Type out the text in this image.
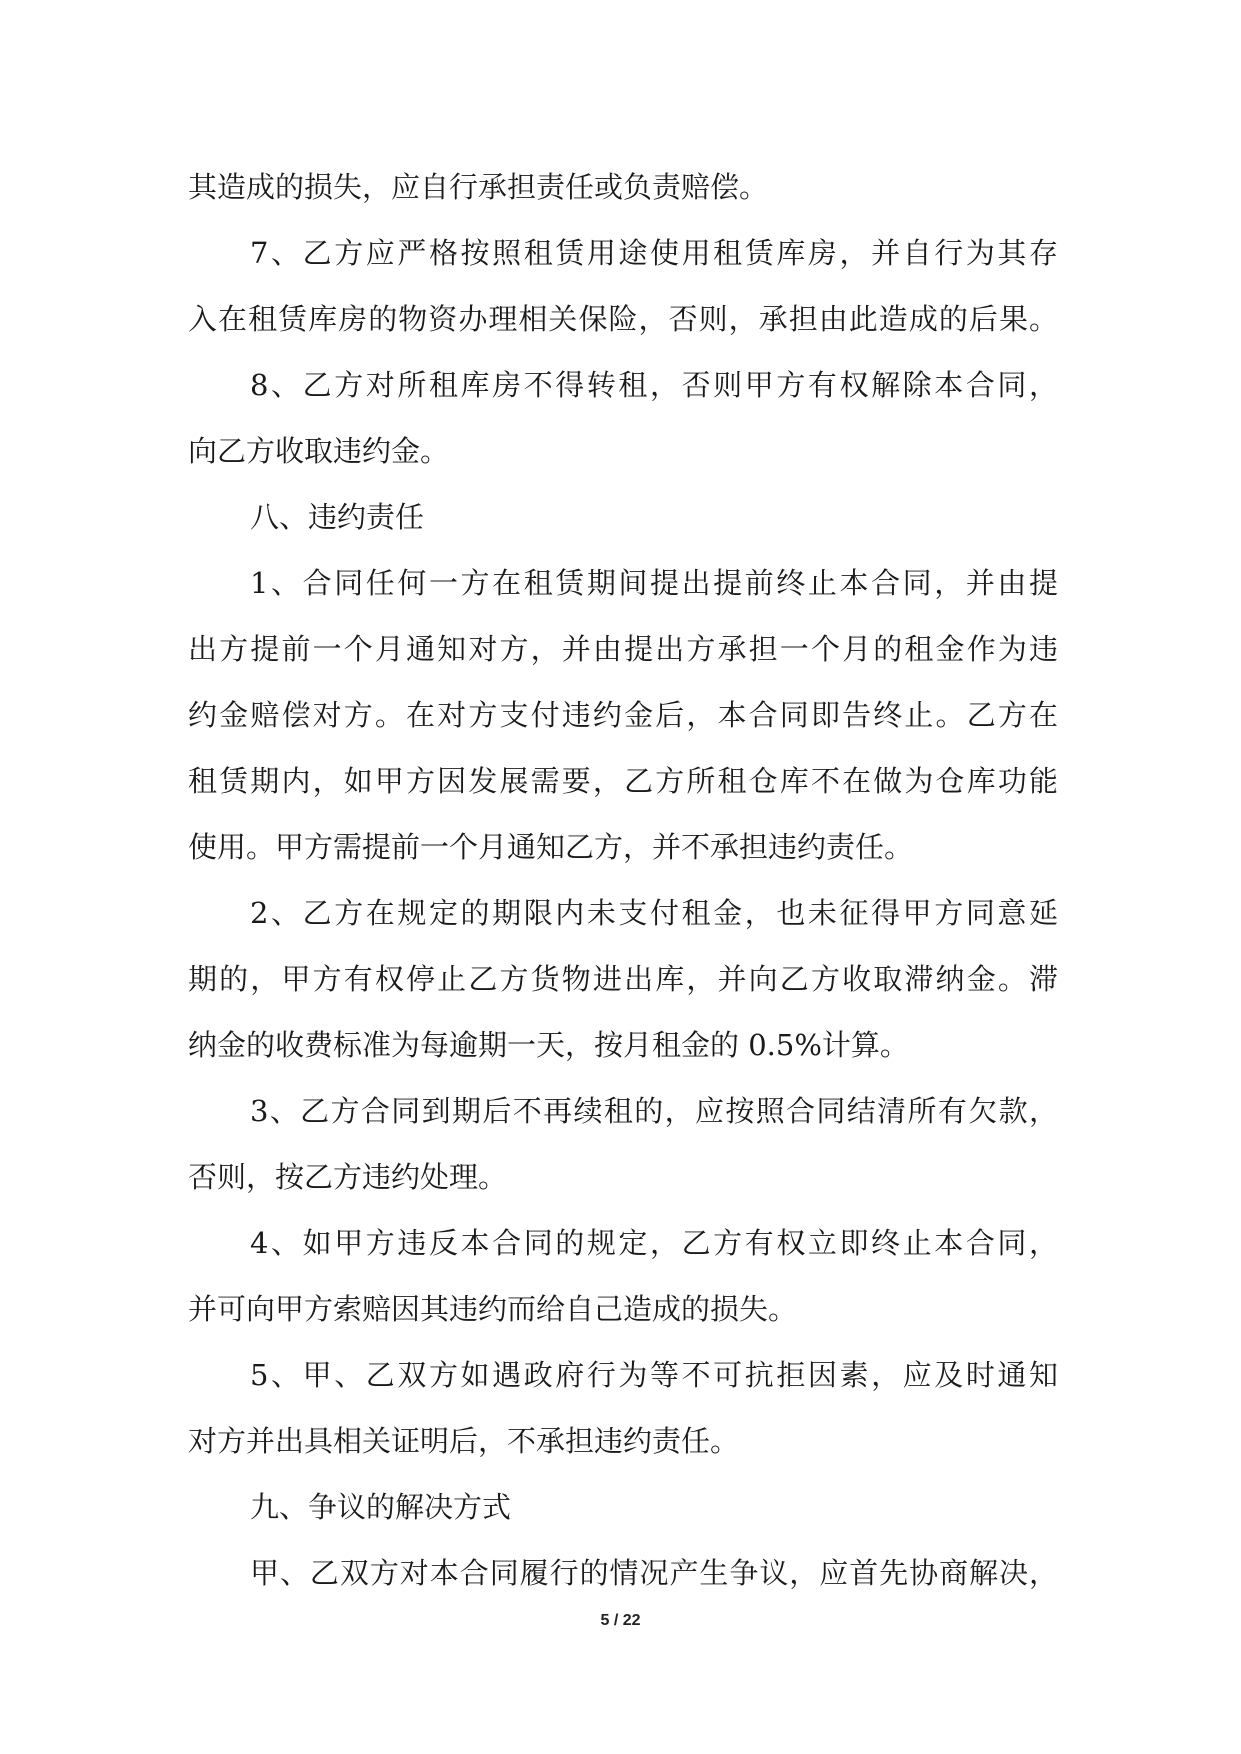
其造成的损失，应自行承担责任或负责赔偿。
7、乙方应严格按照租赁用途使用租赁库房，并自行为其存
入在租赁库房的物资办理相关保险，否则，承担由此造成的后果。
8、乙方对所租库房不得转租，否则甲方有权解除本合同，
向乙方收取违约金。
八、违约责任
1、合同任何一方在租赁期间提出提前终止本合同，并由提
出方提前一个月通知对方，并由提出方承担一个月的租金作为违
约金赔偿对方。在对方支付违约金后，本合同即告终止。乙方在
租赁期内，如甲方因发展需要，乙方所租仓库不在做为仓库功能
使用。甲方需提前一个月通知乙方，并不承担违约责任。
2、乙方在规定的期限内未支付租金，也未征得甲方同意延
期的，甲方有权停止乙方货物进出库，并向乙方收取滞纳金。滞
纳金的收费标准为每逾期一天，按月租金的 0.5%计算。
3、乙方合同到期后不再续租的，应按照合同结清所有欠款，
否则，按乙方违约处理。
4、如甲方违反本合同的规定，乙方有权立即终止本合同，
并可向甲方索赔因其违约而给自己造成的损失。
5、甲、乙双方如遇政府行为等不可抗拒因素，应及时通知
对方并出具相关证明后，不承担违约责任。
九、争议的解决方式
甲、乙双方对本合同履行的情况产生争议，应首先协商解决，
5 / 22
